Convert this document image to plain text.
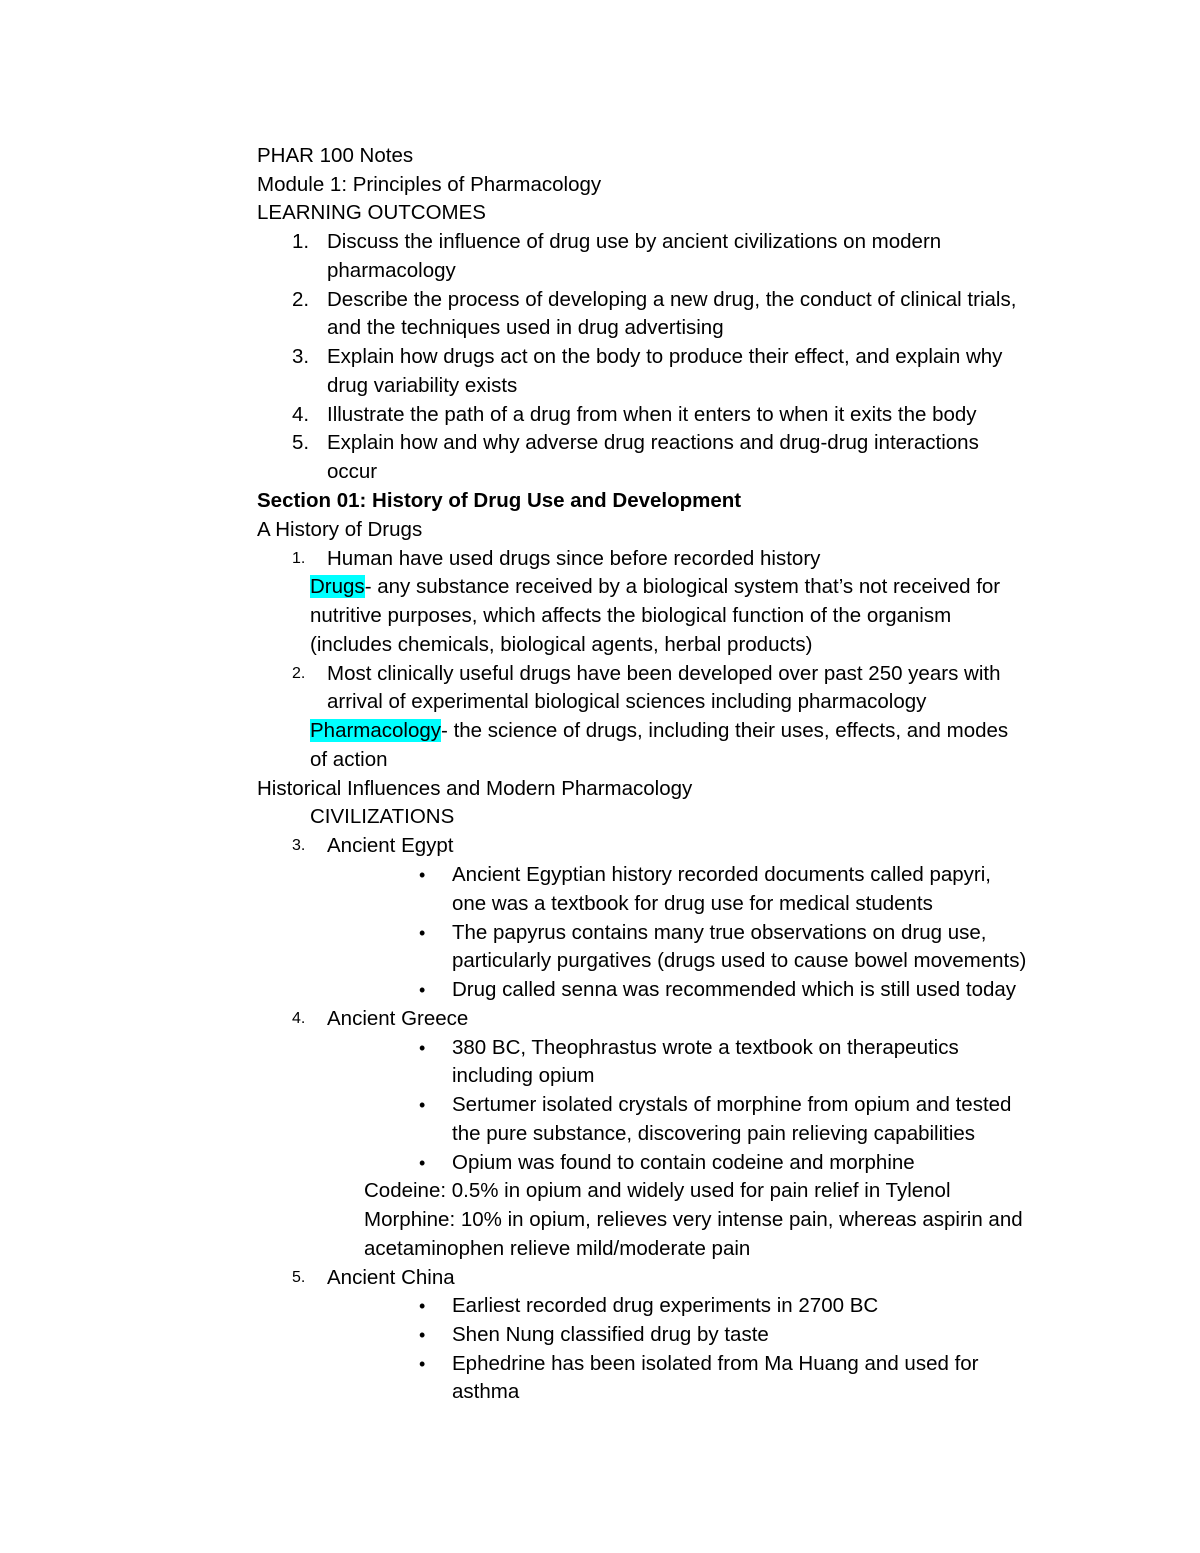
PHAR 100 Notes
Module 1: Principles of Pharmacology
LEARNING OUTCOMES
1. Discuss the influence of drug use by ancient civilizations on modern
pharmacology
2. Describe the process of developing a new drug, the conduct of clinical trials,
and the techniques used in drug advertising
3. Explain how drugs act on the body to produce their effect, and explain why
drug variability exists
4. Illustrate the path of a drug from when it enters to when it exits the body
5. Explain how and why adverse drug reactions and drug-drug interactions
occur
Section 01: History of Drug Use and Development
A History of Drugs
1. Human have used drugs since before recorded history
Drugs- any substance received by a biological system that’s not received for
nutritive purposes, which affects the biological function of the organism
(includes chemicals, biological agents, herbal products)
2. Most clinically useful drugs have been developed over past 250 years with
arrival of experimental biological sciences including pharmacology
Pharmacology- the science of drugs, including their uses, effects, and modes
of action
Historical Influences and Modern Pharmacology
CIVILIZATIONS
3. Ancient Egypt
• Ancient Egyptian history recorded documents called papyri,
one was a textbook for drug use for medical students
• The papyrus contains many true observations on drug use,
particularly purgatives (drugs used to cause bowel movements)
• Drug called senna was recommended which is still used today
4. Ancient Greece
• 380 BC, Theophrastus wrote a textbook on therapeutics
including opium
• Sertumer isolated crystals of morphine from opium and tested
the pure substance, discovering pain relieving capabilities
• Opium was found to contain codeine and morphine
Codeine: 0.5% in opium and widely used for pain relief in Tylenol
Morphine: 10% in opium, relieves very intense pain, whereas aspirin and
acetaminophen relieve mild/moderate pain
5. Ancient China
• Earliest recorded drug experiments in 2700 BC
• Shen Nung classified drug by taste
• Ephedrine has been isolated from Ma Huang and used for
asthma
